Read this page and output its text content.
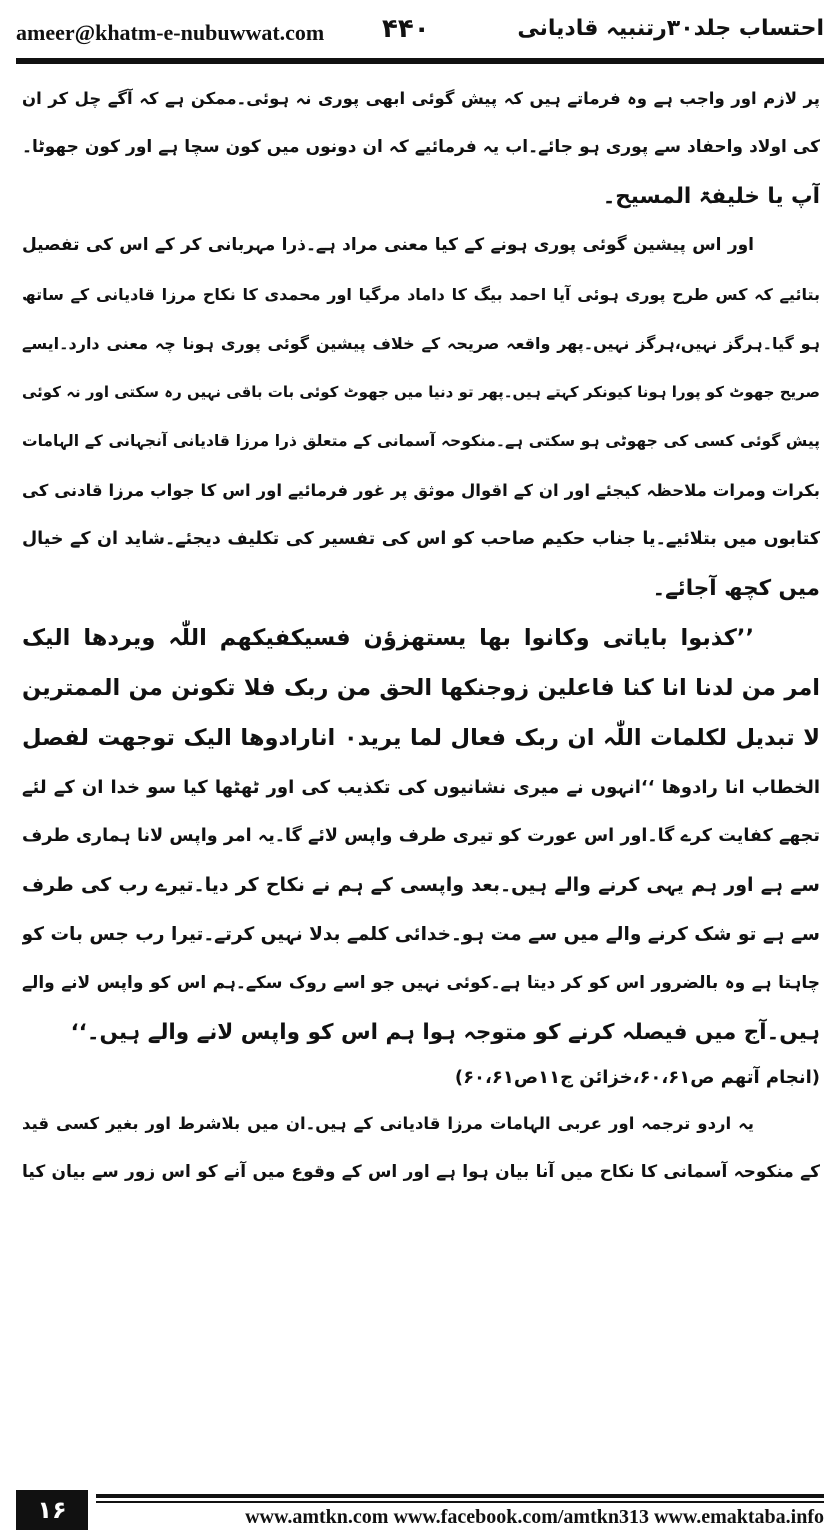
ameer@khatm-e-nubuwwat.com ۴۴۰	احتساب جلد۳۰رتنبیہ قادیانی
پر لازم اور واجب ہے وہ فرماتے ہیں کہ پیش گوئی ابھی پوری نہ ہوئی۔ممکن ہے کہ آگے چل کر ان
کی اولاد واحفاد سے پوری ہو جائے۔اب یہ فرمائیے کہ ان دونوں میں کون سچا ہے اور کون جھوٹا۔
آپ یا خلیفۃ المسیح۔
اور اس پیشین گوئی پوری ہونے کے کیا معنی مراد ہے۔ذرا مہربانی کر کے اس کی تفصیل
بتائیے کہ کس طرح پوری ہوئی آیا احمد بیگ کا داماد مرگیا اور محمدی کا نکاح مرزا قادیانی کے ساتھ
ہو گیا۔ہرگز نہیں،ہرگز نہیں۔پھر واقعہ صریحہ کے خلاف پیشین گوئی پوری ہونا چہ معنی دارد۔ایسے
صریح جھوٹ کو پورا ہونا کیونکر کہتے ہیں۔پھر تو دنیا میں جھوٹ کوئی بات باقی نہیں رہ سکتی اور نہ کوئی
پیش گوئی کسی کی جھوٹی ہو سکتی ہے۔منکوحہ آسمانی کے متعلق ذرا مرزا قادیانی آنجہانی کے الہامات
بکرات ومرات ملاحظہ کیجئے اور ان کے اقوال موثق پر غور فرمائیے اور اس کا جواب مرزا قادنی کی
کتابوں میں بتلائیے۔یا جناب حکیم صاحب کو اس کی تفسیر کی تکلیف دیجئے۔شاید ان کے خیال
میں کچھ آجائے۔
’’کذبوا بایاتی وکانوا بھا یستھزؤن فسیکفیکھم اللّٰہ ویردھا الیک
امر من لدنا انا کنا فاعلین زوجنکھا الحق من ربک فلا تکونن من الممترین
لا تبدیل لکلمات اللّٰہ ان ربک فعال لما یرید۰ انارادوھا الیک توجھت لفصل
الخطاب انا رادوھا ‘‘انہوں نے میری نشانیوں کی تکذیب کی اور ٹھٹھا کیا سو خدا ان کے لئے
تجھے کفایت کرے گا۔اور اس عورت کو تیری طرف واپس لائے گا۔یہ امر واپس لانا ہماری طرف
سے ہے اور ہم یہی کرنے والے ہیں۔بعد واپسی کے ہم نے نکاح کر دیا۔تیرے رب کی طرف
سے ہے تو شک کرنے والے میں سے مت ہو۔خدائی کلمے بدلا نہیں کرتے۔تیرا رب جس بات کو
چاہتا ہے وہ بالضرور اس کو کر دیتا ہے۔کوئی نہیں جو اسے روک سکے۔ہم اس کو واپس لانے والے
ہیں۔آج میں فیصلہ کرنے کو متوجہ ہوا ہم اس کو واپس لانے والے ہیں۔‘‘
(انجام آتھم ص۶۰،۶۱،خزائن ج۱۱ص۶۰،۶۱)
یہ اردو ترجمہ اور عربی الہامات مرزا قادیانی کے ہیں۔ان میں بلاشرط اور بغیر کسی قید
کے منکوحہ آسمانی کا نکاح میں آنا بیان ہوا ہے اور اس کے وقوع میں آنے کو اس زور سے بیان کیا
۱۶	www.amtkn.com www.facebook.com/amtkn313 www.emaktaba.info
